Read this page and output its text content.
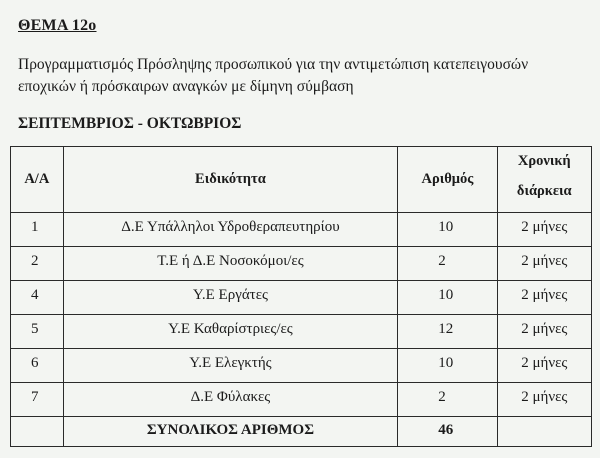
ΘΕΜΑ 12ο
Προγραμματισμός Πρόσληψης προσωπικού για την αντιμετώπιση κατεπειγουσών
εποχικών ή πρόσκαιρων αναγκών με δίμηνη σύμβαση
ΣΕΠΤΕΜΒΡΙΟΣ - ΟΚΤΩΒΡΙΟΣ
Α/Α	Ειδικότητα	Αριθμός	Χρονική
διάρκεια

1	Δ.Ε Υπάλληλοι Υδροθεραπευτηρίου	10	2 μήνες
2	Τ.Ε ή Δ.Ε Νοσοκόμοι/ες	2	2 μήνες
4	Υ.Ε Εργάτες	10	2 μήνες
5	Υ.Ε Καθαρίστριες/ες	12	2 μήνες
6	Υ.Ε Ελεγκτής	10	2 μήνες
7	Δ.Ε Φύλακες	2	2 μήνες
	ΣΥΝΟΛΙΚΟΣ ΑΡΙΘΜΟΣ	46	
